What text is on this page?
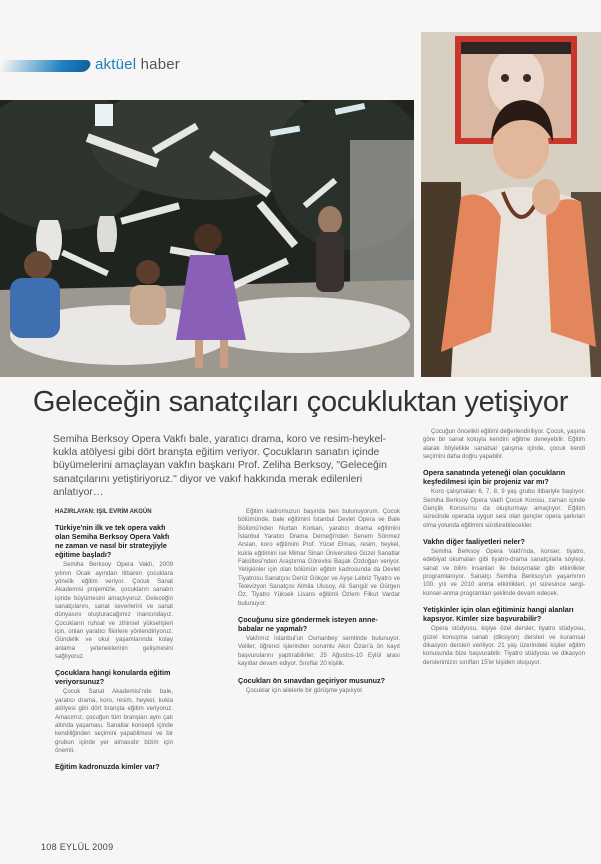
aktüel haber
Geleceğin sanatçıları çocukluktan yetişiyor
Semiha Berksoy Opera Vakfı bale, yaratıcı drama, koro ve resim-heykel-kukla atölyesi gibi dört branşta eğitim veriyor. Çocukların sanatın içinde büyümelerini amaçlayan vakfın başkanı Prof. Zeliha Berksoy, "Geleceğin sanatçılarını yetiştiriyoruz." diyor ve vakıf hakkında merak edilenleri anlatıyor…
HAZIRLAYAN: IŞIL EVRİM AKGÜN
Türkiye'nin ilk ve tek opera vakfı olan Semiha Berksoy Opera Vakfı ne zaman ve nasıl bir strateyjiyle eğitime başladı?

Semiha Berksoy Opera Vakfı, 2009 yılının Ocak ayından itibaren çocuklara yönelik eğitim veriyor. Çocuk Sanat Akademisi projemizle, çocukların sanatın içinde büyümesini amaçlıyoruz. Geleceğin sanatçılarını, sanat severlerini ve sanat dünyasını oluşturacağımız inancındayız. Çocukların ruhsal ve zihinsel yükselişleri için, onları yaratıcı fikirlere yönlendiriyoruz. Gündelik ve okul yaşamlarında kolay anlama yeteneklerinin gelişmesini sağlıyoruz.

Çocuklara hangi konularda eğitim veriyorsunuz?

Çocuk Sanat Akademisi'nde bale, yaratıcı drama, koro, resim, heykel, kukla atölyesi gibi dört branşta eğitim veriyoruz. Amacımız, çocuğun tüm branşları aynı çatı altında yaşaması. Sanatlar konsepti içinde kendiliğinden seçimini yapabilmesi ve bir grubun içinde yer almasıdır bizim için önemli.

Eğitim kadronuzda kimler var?

Eğitim kadromuzun başında ben bulunuyorum. Çocuk bölümünde, bale eğitimini İstanbul Devlet Opera ve Bale Bölümü'nden Nurtan Korkan, yaratıcı drama eğitimini İstanbul Yaratıcı Drama Derneği'nden Senem Sönmez Arslan, koro eğitimini Prof. Yücel Elmas, resim, heykel, kukla eğitimini ise Mimar Sinan Üniversitesi Güzel Sanatlar Fakültesi'nden Araştırma Görevlisi Başak Özdoğan veriyor. Yetişkinler için olan bölümün eğitim kadrosunda da Devlet Tiyatrosu Sanatçısı Deniz Gökçer ve Ayşe Lebriz Tiyatro ve Televizyon Sanatçısı Almila Ulusoy, Ali Sarıgül ve Gürgen Öz, Tiyatro Yüksek Lisans eğitimli Özlem Filkut Vardar bulunuyor.

Çocuğunu size göndermek isteyen anne-babalar ne yapmalı?

Vakfımız İstanbul'un Osmanbey semtinde bulunuyor. Veliler, öğrenci işlerinden sorumlu Akın Özan'a ön kayıt başvurularını yaptırabilirler. 25 Ağustos-10 Eylül arası kayıtlar devam ediyor. Sınıflar 20 kişilik.

Çocukları ön sınavdan geçiriyor musunuz?

Çocuklar için ailelerle bir görüşme yapılıyor.

Çocuğun öncelikli eğitimi değerlendiriliyor. Çocuk, yaşına göre bir sanat koluyla kendini eğitme deneyebilir. Eğitim alarak böylelikle sanatsal çalışma içinde, çocuk kendi seçimini daha doğru yapabilir.

Opera sanatında yeteneği olan çocukların keşfedilmesi için bir projeniz var mı?

Koro çalışmaları 6, 7, 8, 9 yaş grubu itibariyle başlıyor. Semiha Berksoy Opera Vakfı Çocuk Korosu, zaman içinde Gençlik Korosu'nu da oluşturmayı amaçlıyor. Eğitim sürecinde operada uygun sesi olan gençler opera şarkıları olma yolunda eğitimini sürdürebilecekler.

Vakfın diğer faaliyetleri neler?

Semiha Berksoy Opera Vakfı'nda, konser, tiyatro, edebiyat okumaları gibi tiyatro-drama sanatçılarla söyleşi, sanat ve bilim insanları ile buluşmalar gibi etkinlikler programlanıyor. Sanatçı Semiha Berksoy'un yaşamının 100. yılı ve 2010 anma etkinlikleri, yıl süresince sergi-konser-anma programları şeklinde devam edecek.

Yetişkinler için olan eğitiminiz hangi alanları kapsıyor. Kimler size başvurabilir?

Opera stüdyosu, kişiye özel dersler, tiyatro stüdyosu, güzel konuşma sanatı (diksiyon) dersleri ve kuramsal dikasyon dersleri veriliyor. 21 yaş üzerindeki kişiler eğitim konusunda bize başvurabilir. Tiyatro stüdyosu ve dikasyon derslerimizın sınıfları 15'er kişiden oluşuyor.

108 EYLÜL 2009
